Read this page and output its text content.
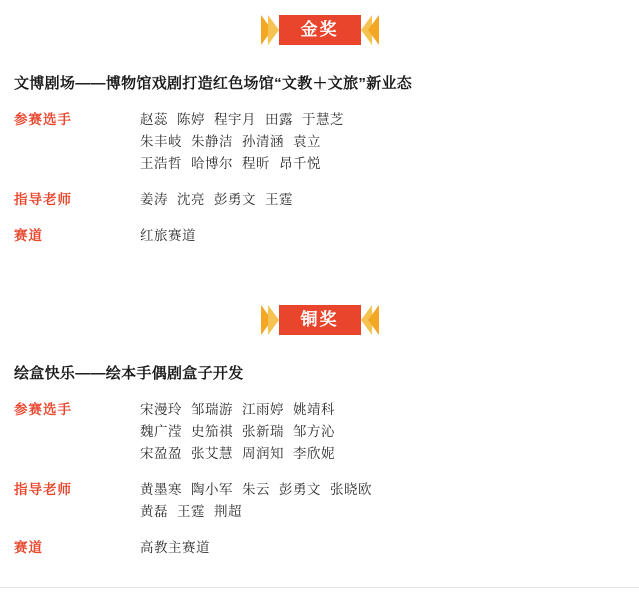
金奖
文博剧场——博物馆戏剧打造红色场馆“文教＋文旅”新业态
参赛选手	赵蕊 陈婷 程宇月 田露 于慧芝
朱丰岐 朱静洁 孙清涵 袁立
王浩哲 哈博尔 程昕 昂千悦
指导老师	姜涛 沈亮 彭勇文 王霆
赛道	红旅赛道
铜奖
绘盒快乐——绘本手偶剧盒子开发
参赛选手	宋漫玲 邹瑞游 江雨婷 姚靖科
魏广滢 史笳祺 张新瑞 邹方沁
宋盈盈 张艾慧 周润知 李欣妮
指导老师	黄墨寒 陶小军 朱云 彭勇文 张晓欧
黄磊 王霆 荆超
赛道	高教主赛道
